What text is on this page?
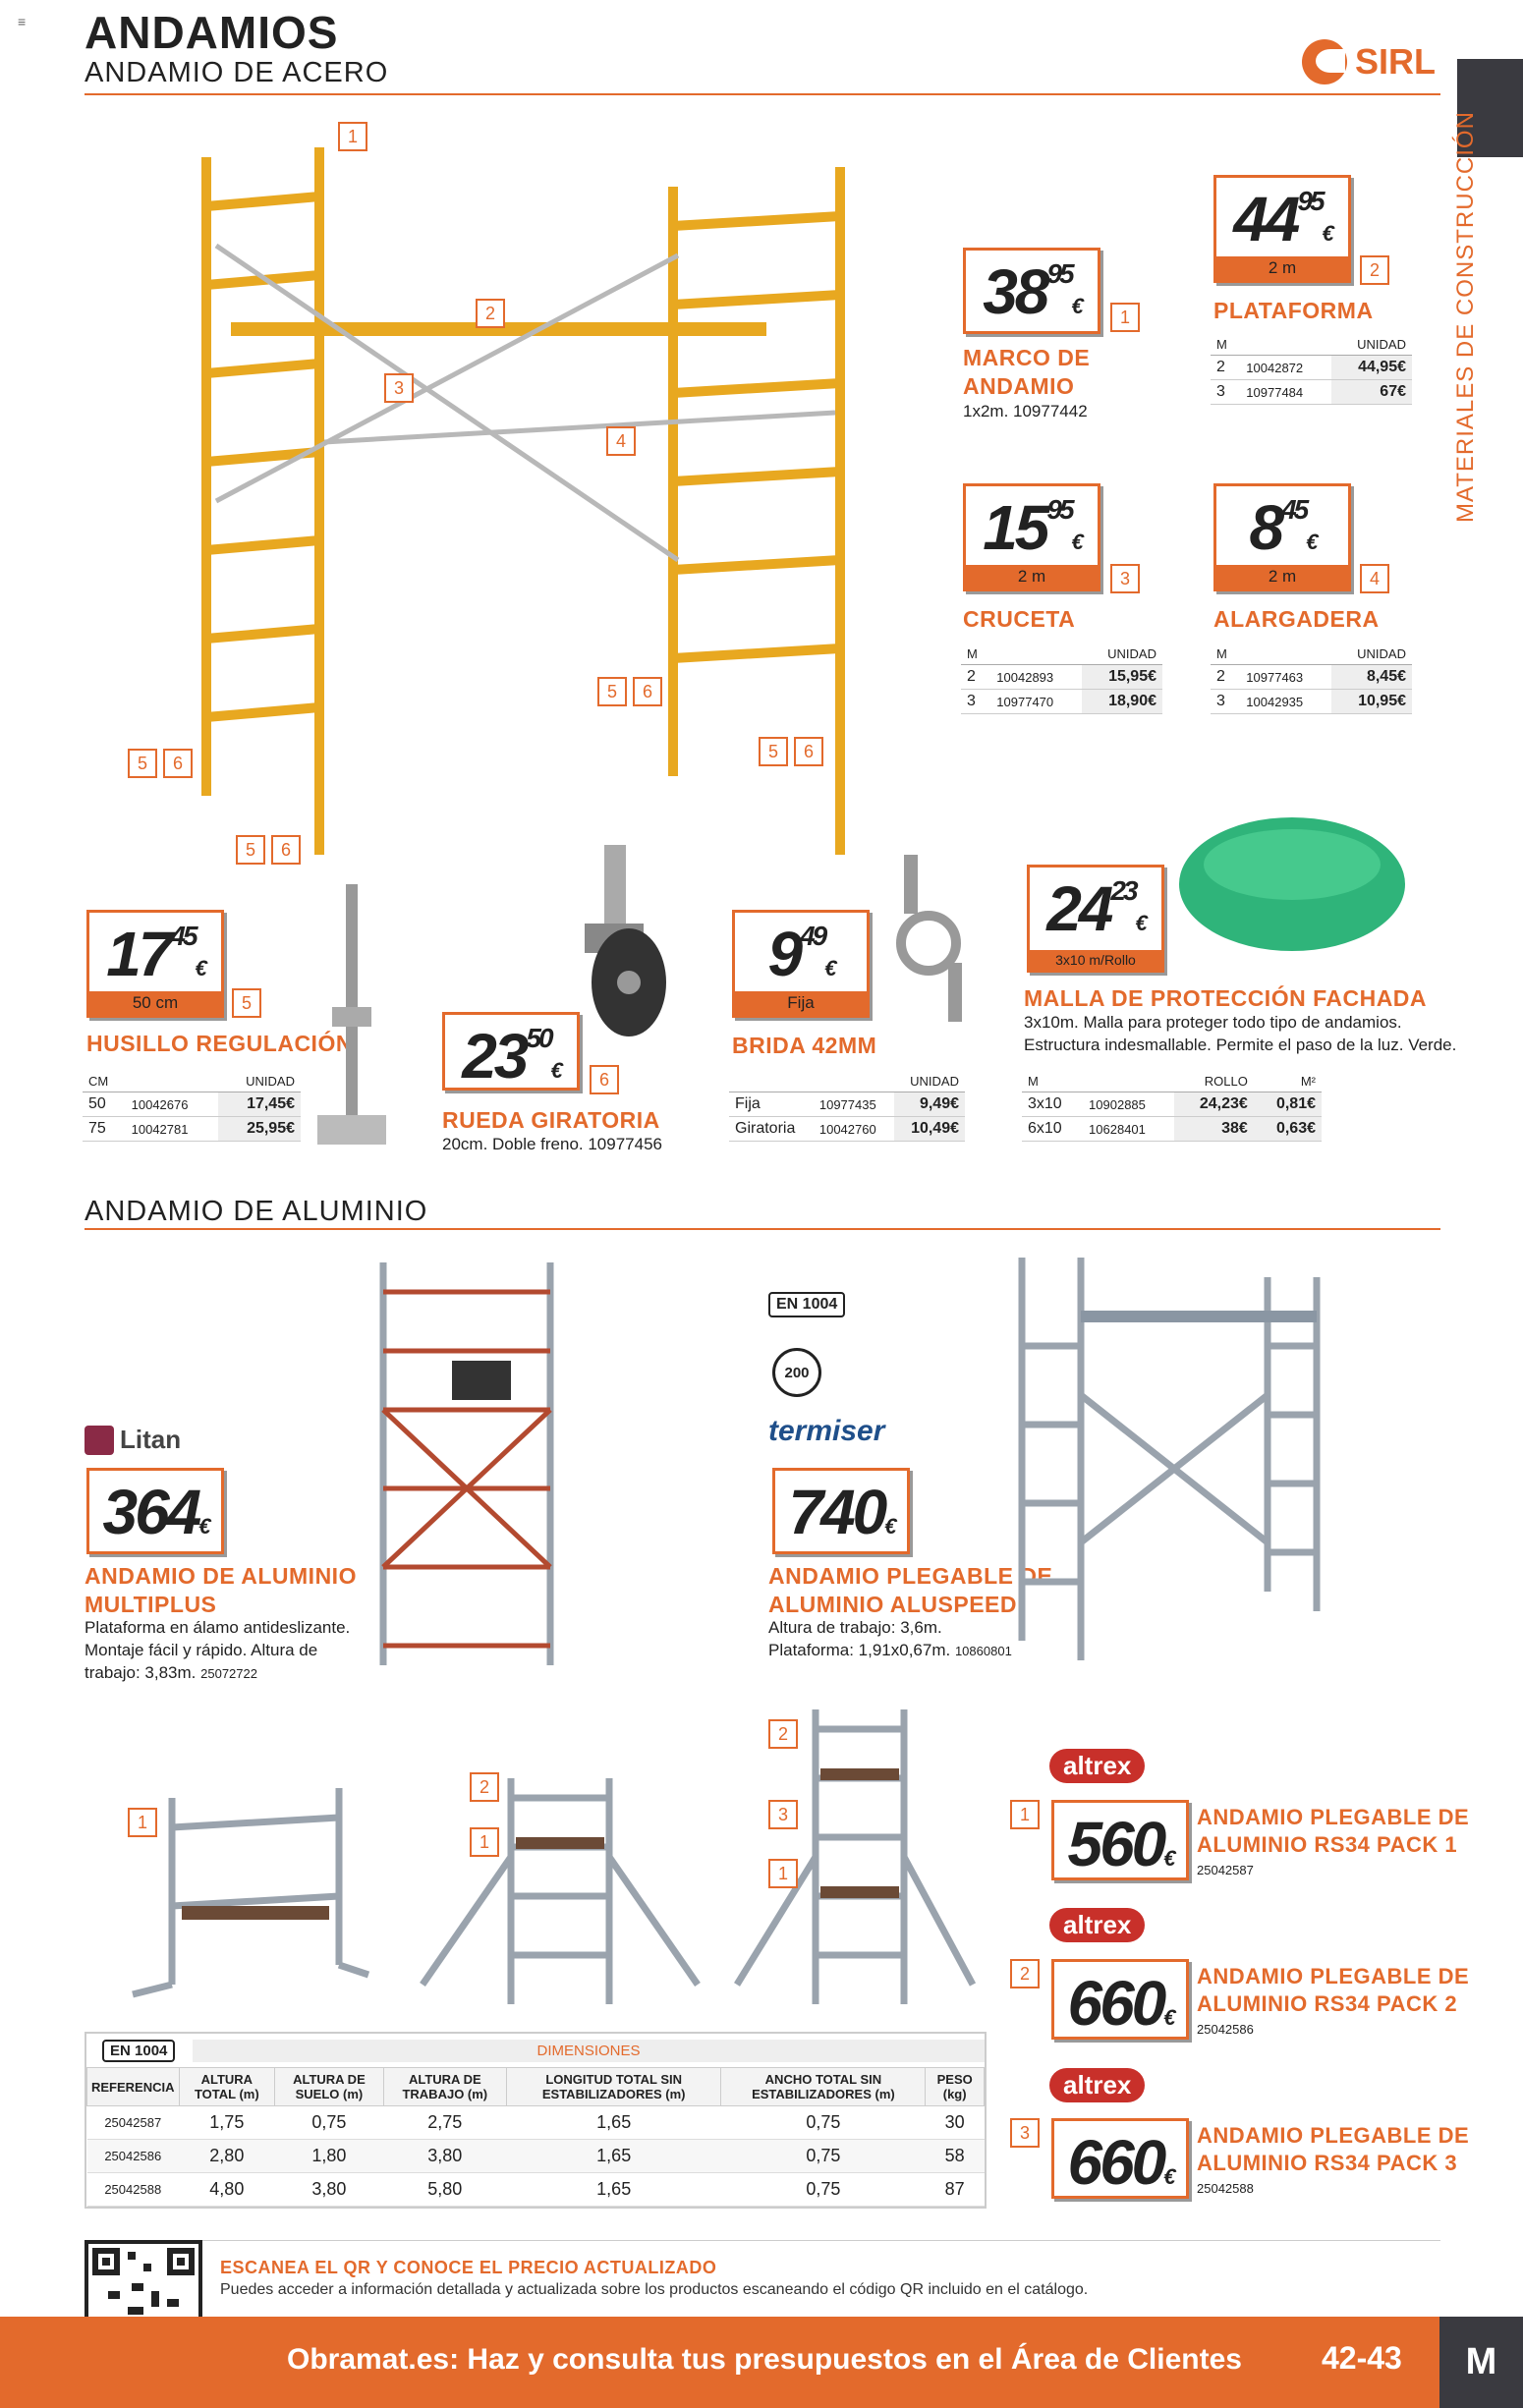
≡ ANDAMIOS
ANDAMIO DE ACERO	SIRL
MATERIALES DE CONSTRUCCIÓN
1
2
3
4
5	6
5	6
5	6
5	6
$38^{95}€$	1
MARCO DE
ANDAMIO
1x2m. 10977442
$44^{95}€$
2 m	2
PLATAFORMA
M		UNIDAD
2	10042872	44,95€
3	10977484	67€
$15^{95}€$
2 m	3
CRUCETA
M		UNIDAD
2	10042893	15,95€
3	10977470	18,90€
$8^{45}€$
2 m	4
ALARGADERA
M		UNIDAD
2	10977463	8,45€
3	10042935	10,95€
$17^{45}€$
50 cm	5
HUSILLO REGULACIÓN
CM		UNIDAD
50	10042676	17,45€
75	10042781	25,95€
$23^{50}€$	6
RUEDA GIRATORIA
20cm. Doble freno. 10977456
$9^{49}€$
Fija
BRIDA 42MM
		UNIDAD
Fija	10977435	9,49€
Giratoria	10042760	10,49€
$24^{23}€$
3x10 m/Rollo
MALLA DE PROTECCIÓN FACHADA
3x10m. Malla para proteger todo tipo de andamios.
Estructura indesmallable. Permite el paso de la luz. Verde.
M		ROLLO	M²
3x10	10902885	24,23€	0,81€
6x10	10628401	38€	0,63€
ANDAMIO DE ALUMINIO
Litan
364€
ANDAMIO DE ALUMINIO
MULTIPLUS
Plataforma en álamo antideslizante.
Montaje fácil y rápido. Altura de
trabajo: 3,83m. 25072722
EN 1004
200
termiser
740€
ANDAMIO PLEGABLE DE
ALUMINIO ALUSPEED
Altura de trabajo: 3,6m.
Plataforma: 1,91x0,67m. 10860801
1
2
1
2
3
1
EN 1004	DIMENSIONES
REFERENCIA	ALTURA TOTAL (m)	ALTURA DE SUELO (m)	ALTURA DE TRABAJO (m)	LONGITUD TOTAL SIN ESTABILIZADORES (m)	ANCHO TOTAL SIN ESTABILIZADORES (m)	PESO (kg)
25042587	1,75	0,75	2,75	1,65	0,75	30
25042586	2,80	1,80	3,80	1,65	0,75	58
25042588	4,80	3,80	5,80	1,65	0,75	87
altrex
1 560€
ANDAMIO PLEGABLE DE
ALUMINIO RS34 PACK 1
25042587
altrex
2 660€
ANDAMIO PLEGABLE DE
ALUMINIO RS34 PACK 2
25042586
altrex
3 660€
ANDAMIO PLEGABLE DE
ALUMINIO RS34 PACK 3
25042588
ESCANEA EL QR Y CONOCE EL PRECIO ACTUALIZADO
Puedes acceder a información detallada y actualizada sobre los productos escaneando el código QR incluido en el catálogo.
Obramat.es: Haz y consulta tus presupuestos en el Área de Clientes	42-43	M
